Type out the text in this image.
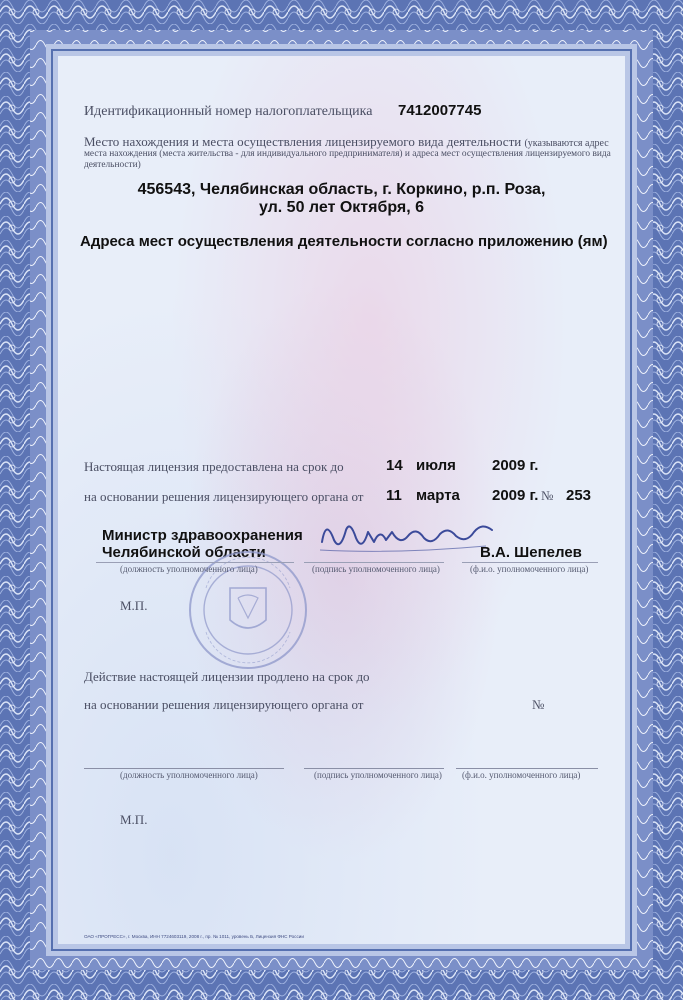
Идентификационный номер налогоплательщика 7412007745
Место нахождения и места осуществления лицензируемого вида деятельности (указываются адрес
места нахождения (места жительства - для индивидуального предпринимателя) и адреса мест осуществления лицензируемого вида
деятельности)
456543, Челябинская область, г. Коркино, р.п. Роза,
ул. 50 лет Октября, 6
Адреса мест осуществления деятельности согласно приложению (ям)
Настоящая лицензия предоставлена на срок до	14 июля 2009 г.
на основании решения лицензирующего органа от 11 марта 2009 г. № 253
Министр здравоохранения
Челябинской области	В.А. Шепелев
(должность уполномоченного лица)	(подпись уполномоченного лица)	(ф.и.о. уполномоченного лица)
М.П.
Действие настоящей лицензии продлено на срок до
на основании решения лицензирующего органа от	№
(должность уполномоченного лица)	(подпись уполномоченного лица) (ф.и.о. уполномоченного лица)
М.П.
ОАО «ПРОГРЕСС», г. Москва, ИНН 7724603119, 2008 г., пр. № 1011, уровень Б, Лицензия ФНС России
